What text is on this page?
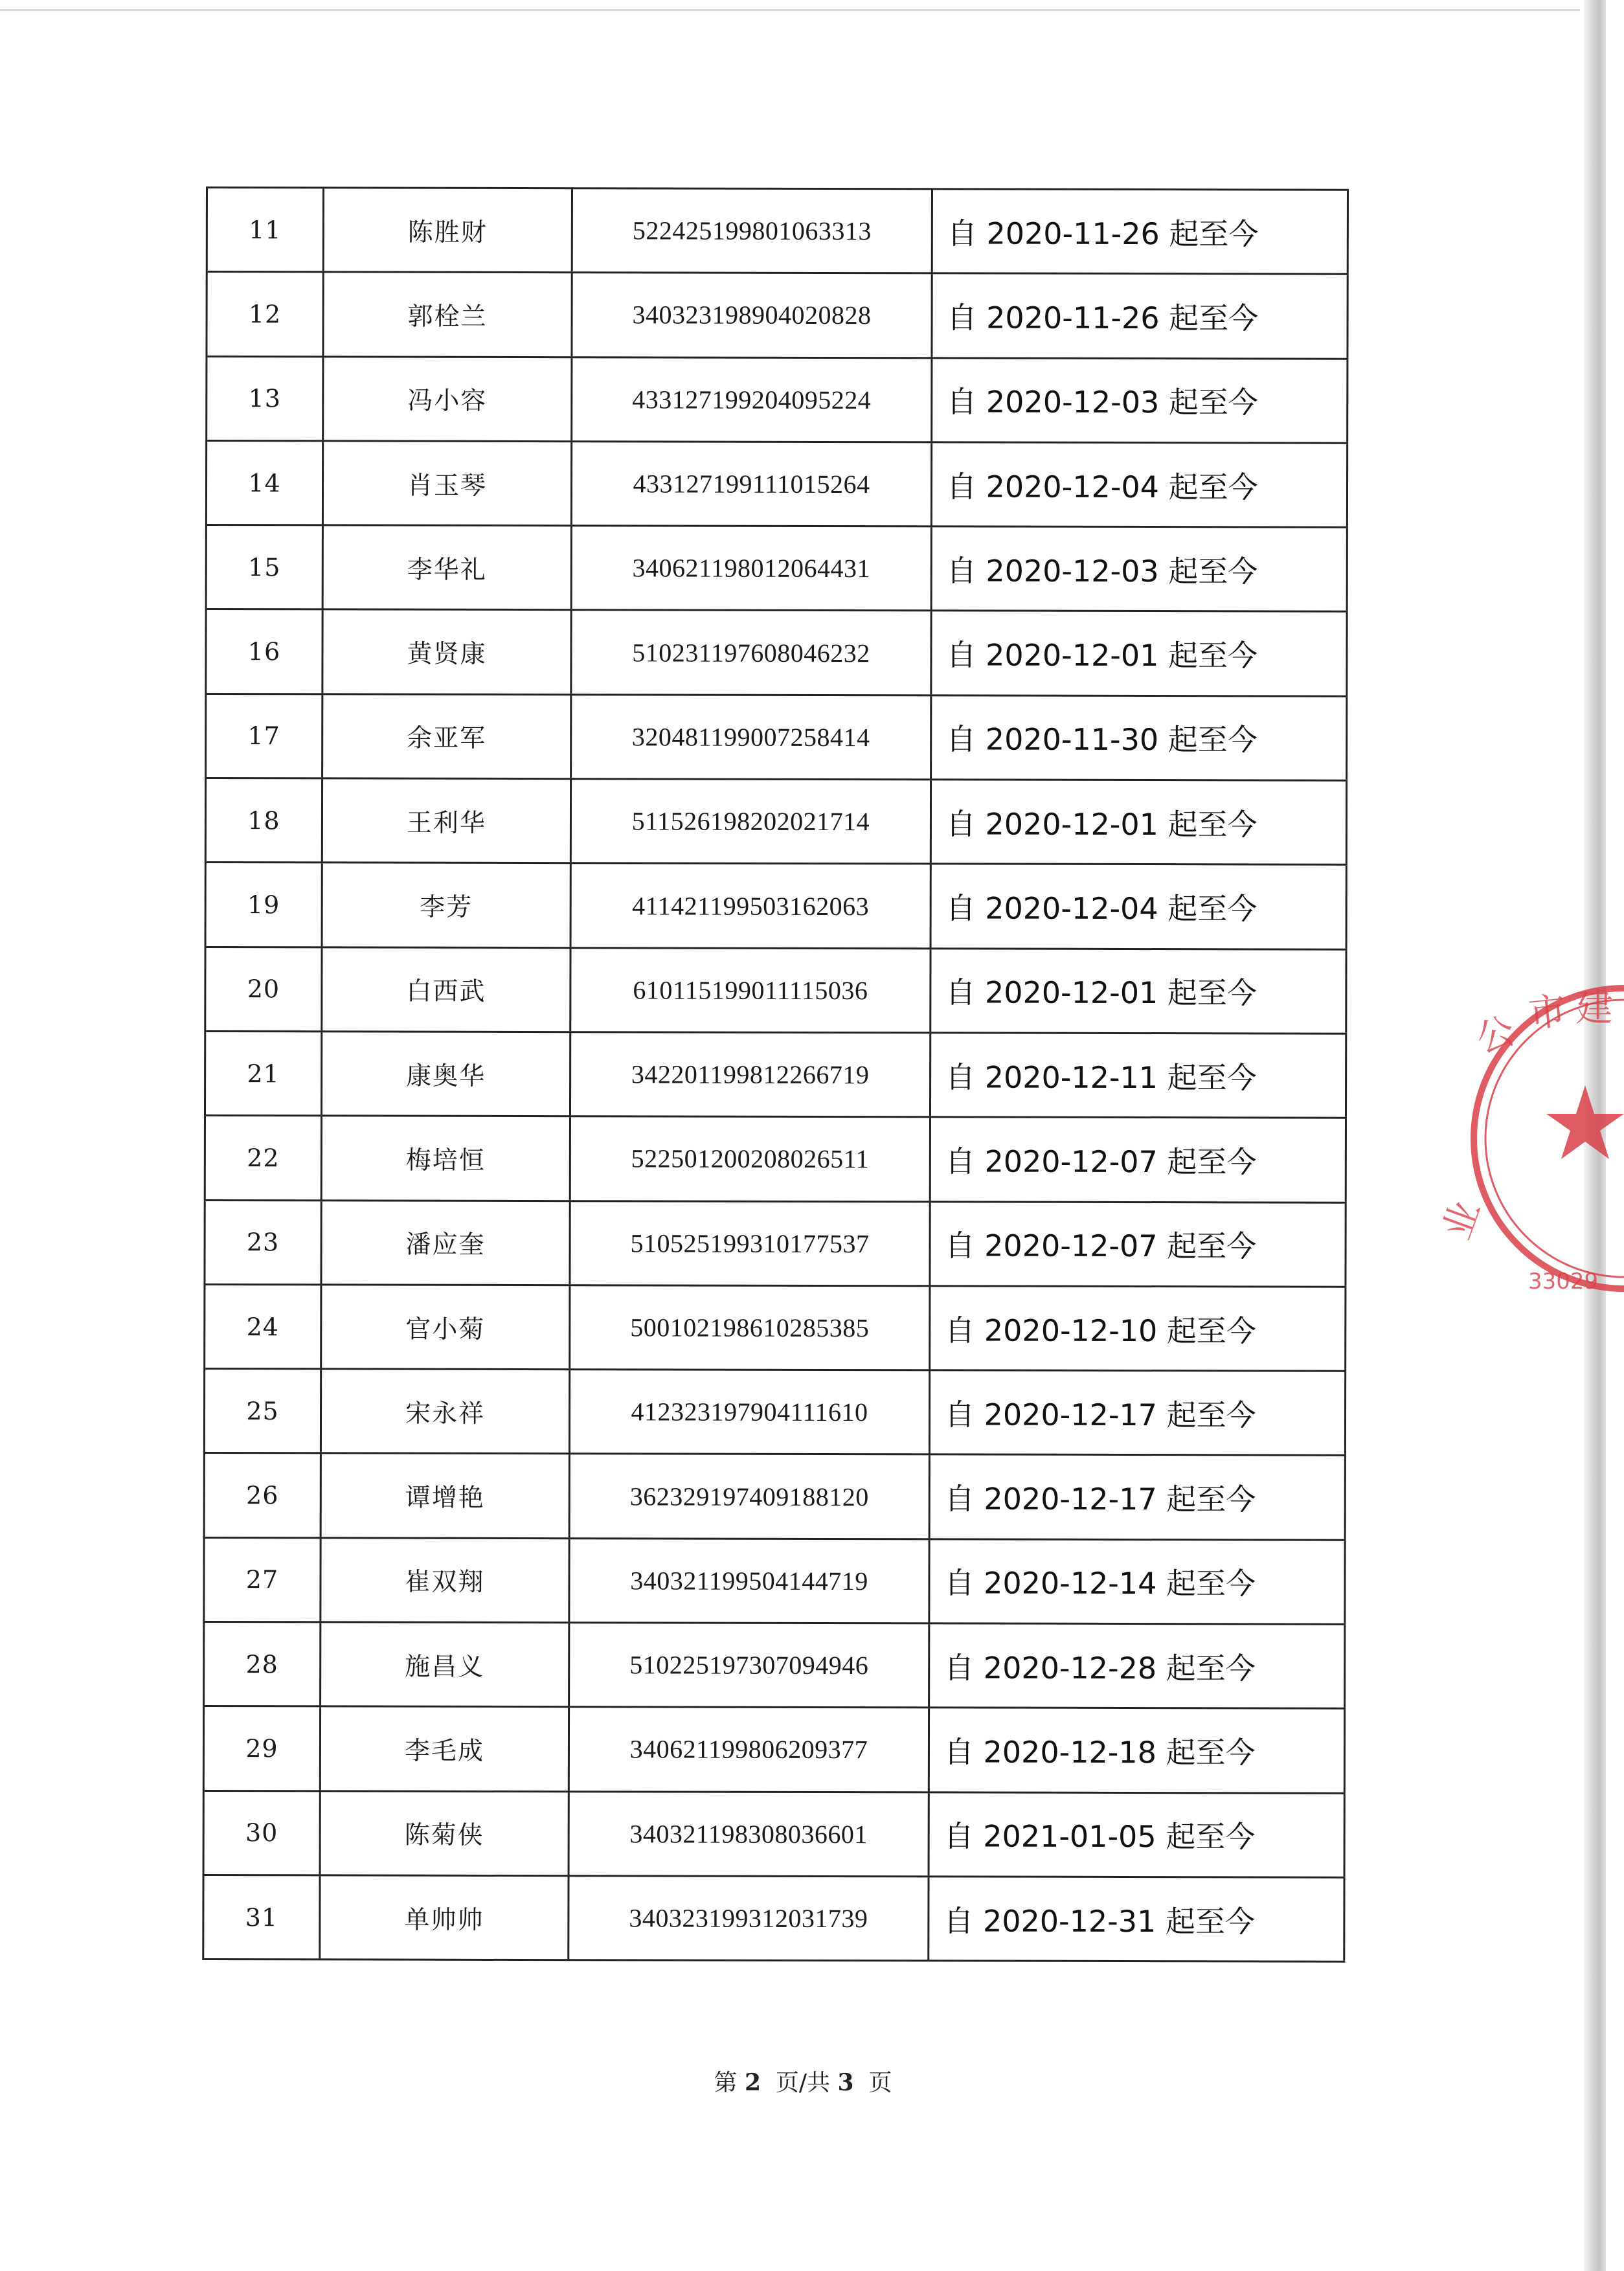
11	陈胜财	522425199801063313	自 2020-11-26 起至今
12	郭栓兰	340323198904020828	自 2020-11-26 起至今
13	冯小容	433127199204095224	自 2020-12-03 起至今
14	肖玉琴	433127199111015264	自 2020-12-04 起至今
15	李华礼	340621198012064431	自 2020-12-03 起至今
16	黄贤康	510231197608046232	自 2020-12-01 起至今
17	余亚军	320481199007258414	自 2020-11-30 起至今
18	王利华	511526198202021714	自 2020-12-01 起至今
19	李芳	411421199503162063	自 2020-12-04 起至今
20	白西武	610115199011115036	自 2020-12-01 起至今
21	康奥华	342201199812266719	自 2020-12-11 起至今
22	梅培恒	522501200208026511	自 2020-12-07 起至今
23	潘应奎	510525199310177537	自 2020-12-07 起至今
24	官小菊	500102198610285385	自 2020-12-10 起至今
25	宋永祥	412323197904111610	自 2020-12-17 起至今
26	谭增艳	362329197409188120	自 2020-12-17 起至今
27	崔双翔	340321199504144719	自 2020-12-14 起至今
28	施昌义	510225197307094946	自 2020-12-28 起至今
29	李毛成	340621199806209377	自 2020-12-18 起至今
30	陈菊侠	340321198308036601	自 2021-01-05 起至今
31	单帅帅	340323199312031739	自 2020-12-31 起至今
第 2 页/共 3 页
公 市 建
业
33029
